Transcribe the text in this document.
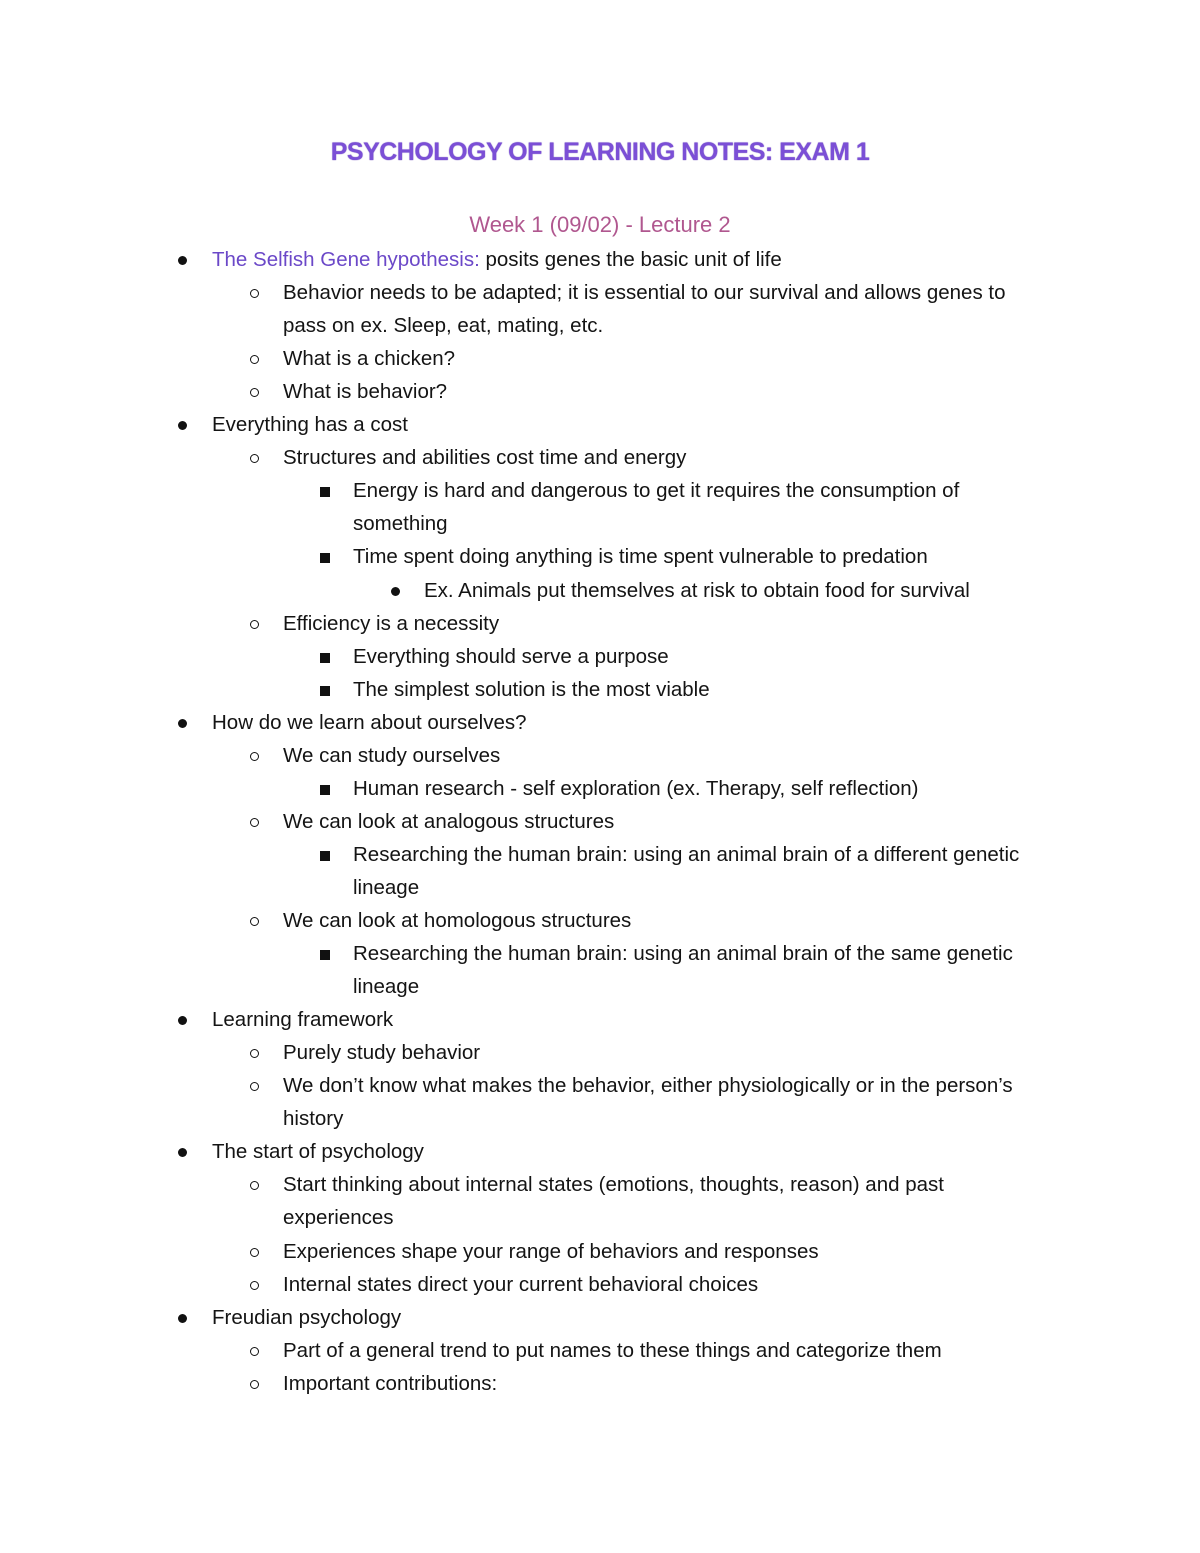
PSYCHOLOGY OF LEARNING NOTES: EXAM 1
Week 1 (09/02) - Lecture 2
The Selfish Gene hypothesis: posits genes the basic unit of life
Behavior needs to be adapted; it is essential to our survival and allows genes to
pass on ex. Sleep, eat, mating, etc.
What is a chicken?
What is behavior?
Everything has a cost
Structures and abilities cost time and energy
Energy is hard and dangerous to get it requires the consumption of
something
Time spent doing anything is time spent vulnerable to predation
Ex. Animals put themselves at risk to obtain food for survival
Efficiency is a necessity
Everything should serve a purpose
The simplest solution is the most viable
How do we learn about ourselves?
We can study ourselves
Human research - self exploration (ex. Therapy, self reflection)
We can look at analogous structures
Researching the human brain: using an animal brain of a different genetic
lineage
We can look at homologous structures
Researching the human brain: using an animal brain of the same genetic
lineage
Learning framework
Purely study behavior
We don’t know what makes the behavior, either physiologically or in the person’s
history
The start of psychology
Start thinking about internal states (emotions, thoughts, reason) and past
experiences
Experiences shape your range of behaviors and responses
Internal states direct your current behavioral choices
Freudian psychology
Part of a general trend to put names to these things and categorize them
Important contributions:
